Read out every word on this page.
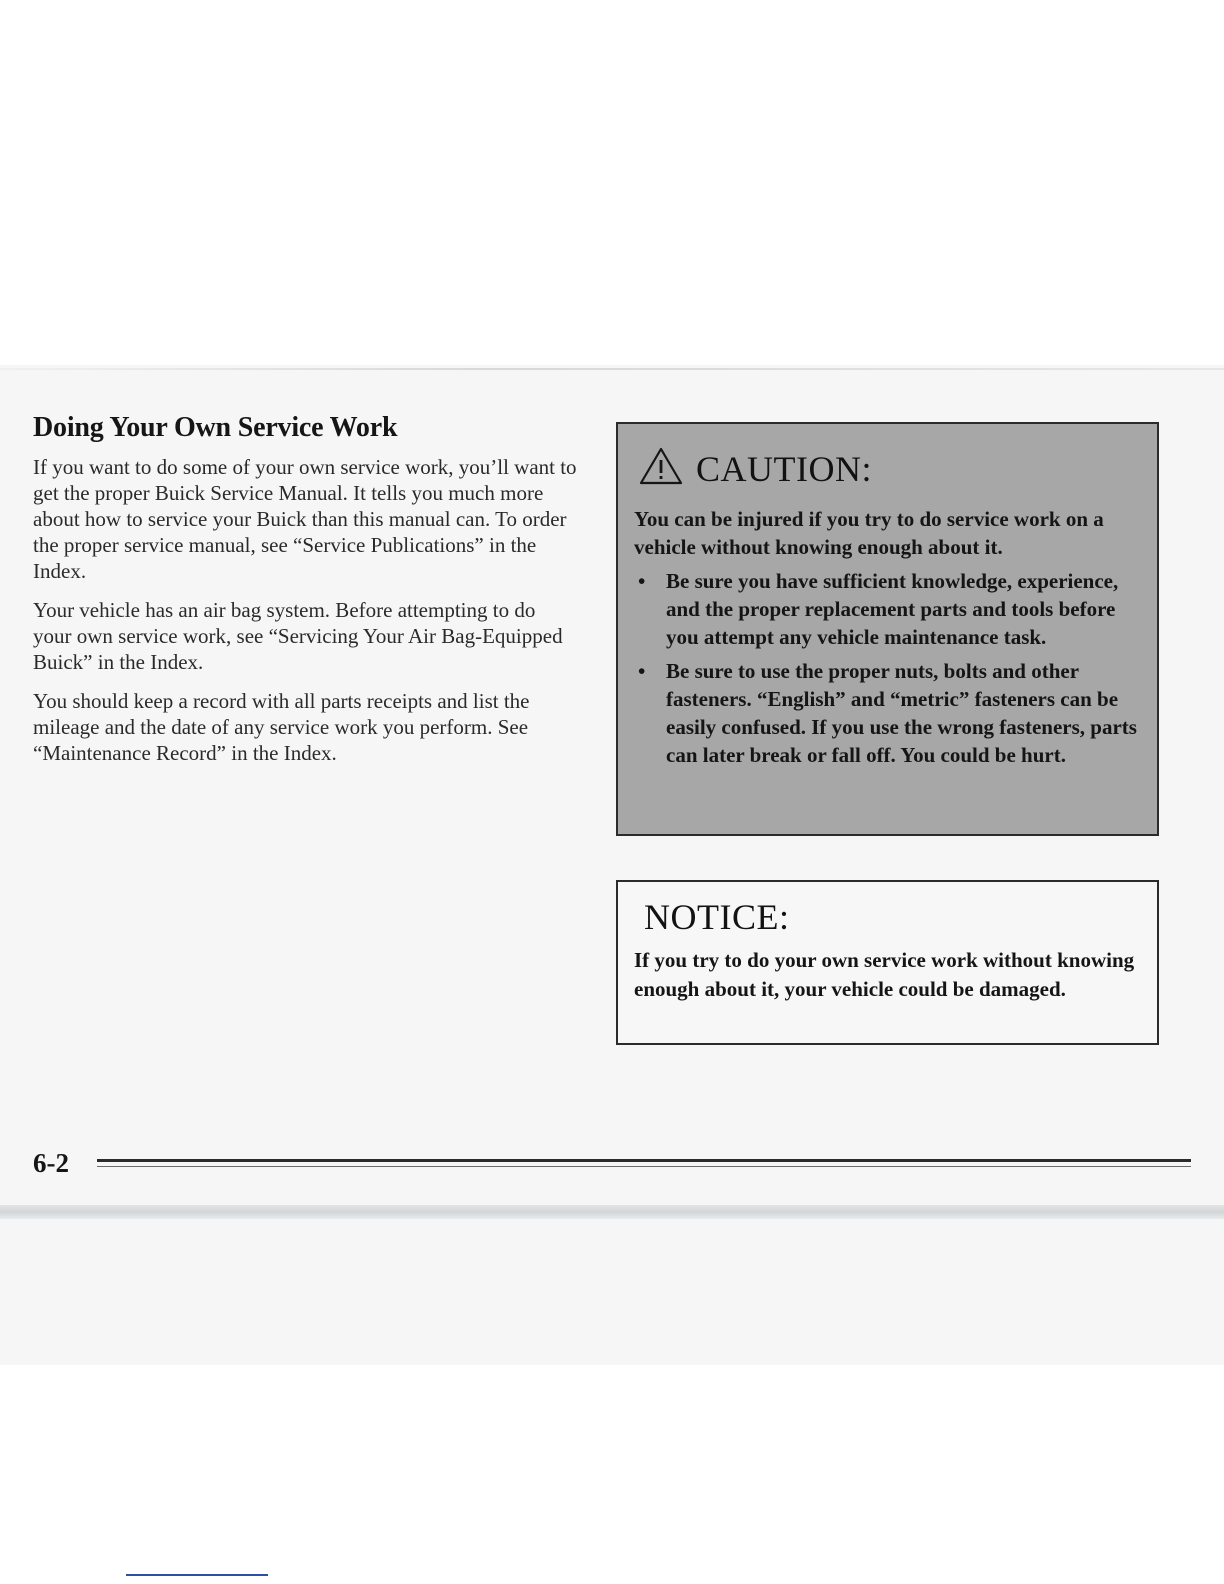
Doing Your Own Service Work

If you want to do some of your own service work, you’ll want to get the proper Buick Service Manual. It tells you much more about how to service your Buick than this manual can. To order the proper service manual, see “Service Publications” in the Index.

Your vehicle has an air bag system. Before attempting to do your own service work, see “Servicing Your Air Bag-Equipped Buick” in the Index.

You should keep a record with all parts receipts and list the mileage and the date of any service work you perform. See “Maintenance Record” in the Index.

CAUTION:

You can be injured if you try to do service work on a vehicle without knowing enough about it.

• Be sure you have sufficient knowledge, experience, and the proper replacement parts and tools before you attempt any vehicle maintenance task.
• Be sure to use the proper nuts, bolts and other fasteners. “English” and “metric” fasteners can be easily confused. If you use the wrong fasteners, parts can later break or fall off. You could be hurt.
NOTICE:

If you try to do your own service work without knowing enough about it, your vehicle could be damaged.

6-2
